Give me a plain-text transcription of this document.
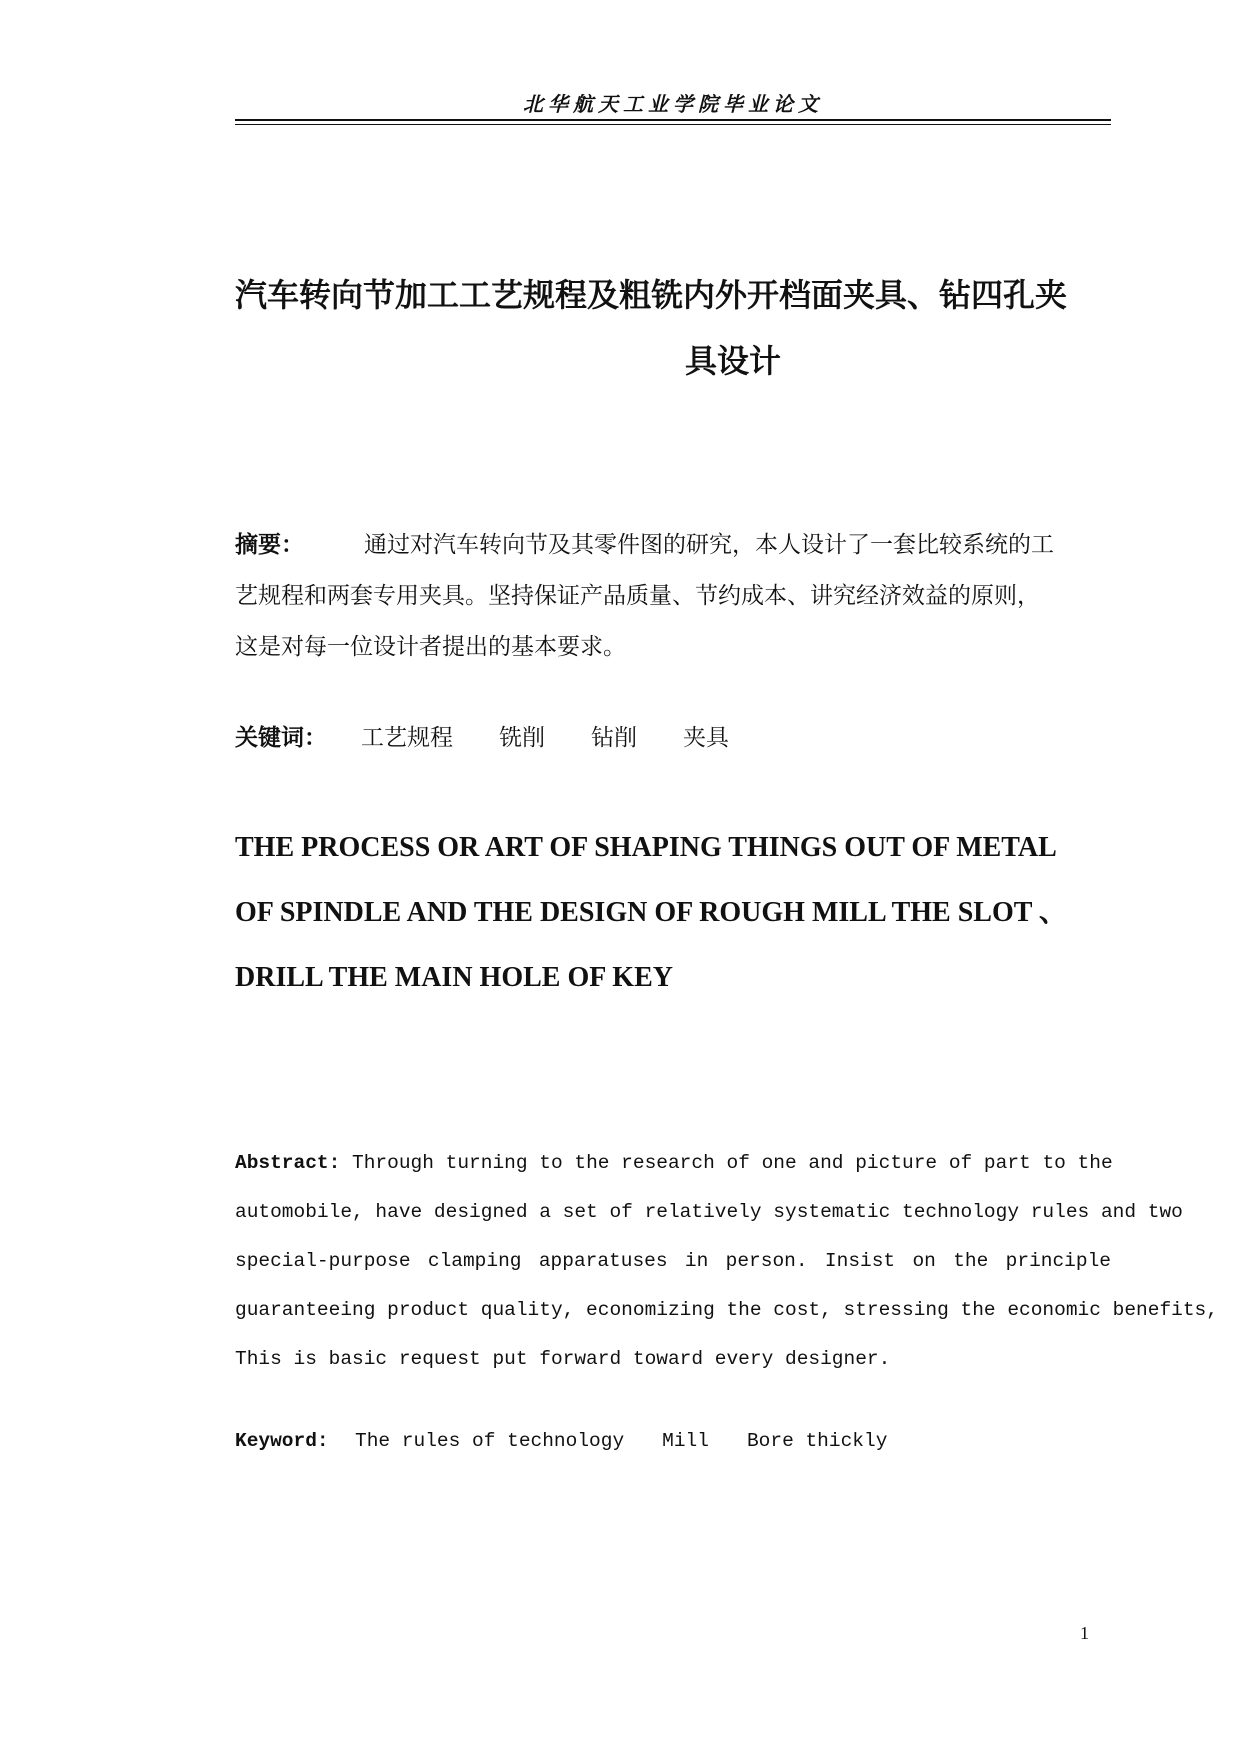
北华航天工业学院毕业论文
汽车转向节加工工艺规程及粗铣内外开档面夹具、钻四孔夹
具设计
摘要：	通过对汽车转向节及其零件图的研究，本人设计了一套比较系统的工
艺规程和两套专用夹具。坚持保证产品质量、节约成本、讲究经济效益的原则，
这是对每一位设计者提出的基本要求。
关键词： 工艺规程 铣削 钻削 夹具
THE PROCESS OR ART OF SHAPING THINGS OUT OF METAL
OF SPINDLE AND THE DESIGN OF ROUGH MILL THE SLOT 、
DRILL THE MAIN HOLE OF KEY
Abstract: Through turning to the research of one and picture of part to the
automobile, have designed a set of relatively systematic technology rules and two
special-purpose clamping apparatuses in person. Insist on the principle
guaranteeing product quality, economizing the cost, stressing the economic benefits,
This is basic request put forward toward every designer.
Keyword: The rules of technology Mill Bore thickly
1
